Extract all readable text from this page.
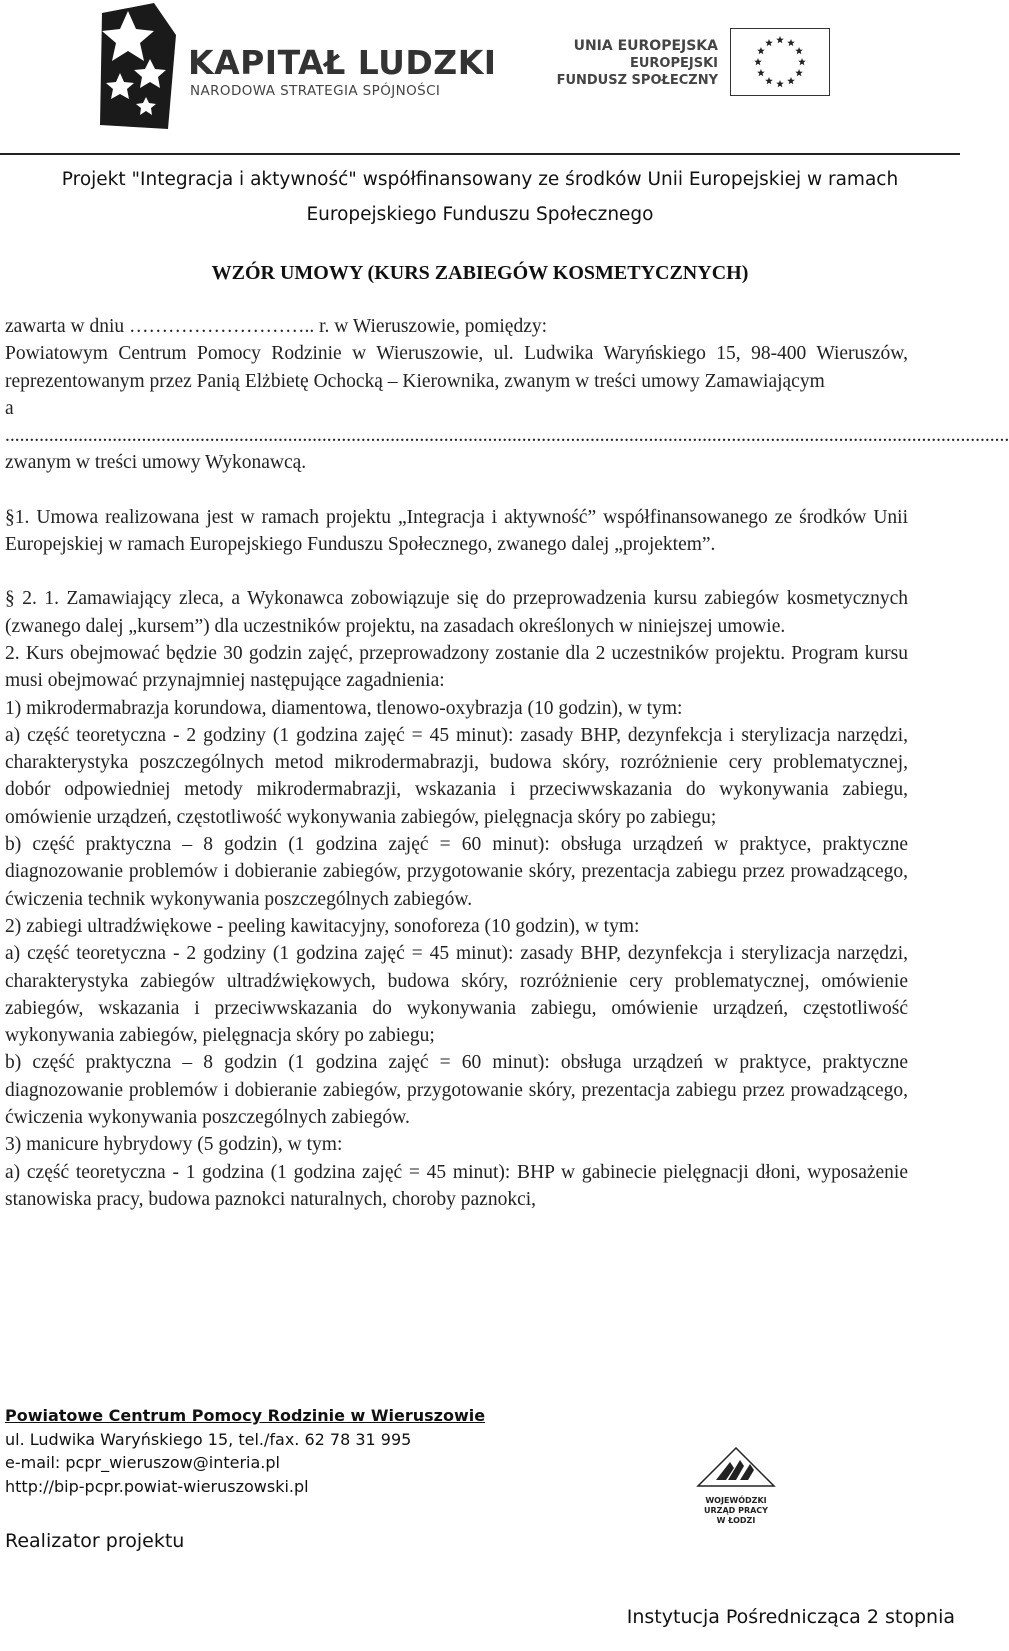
KAPITAŁ LUDZKI
NARODOWA STRATEGIA SPÓJNOŚCI
UNIA EUROPEJSKA
EUROPEJSKI
FUNDUSZ SPOŁECZNY
Projekt "Integracja i aktywność" współfinansowany ze środków Unii Europejskiej w ramach
Europejskiego Funduszu Społecznego
WZÓR UMOWY (KURS ZABIEGÓW KOSMETYCZNYCH)

zawarta w dniu ……………………….. r. w Wieruszowie, pomiędzy:

Powiatowym Centrum Pomocy Rodzinie w Wieruszowie, ul. Ludwika Waryńskiego 15, 98-400 Wieruszów, reprezentowanym przez Panią Elżbietę Ochocką – Kierownika, zwanym w treści umowy Zamawiającym

a

..............................................................................................................................................................................................................

zwanym w treści umowy Wykonawcą.

§1. Umowa realizowana jest w ramach projektu „Integracja i aktywność” współfinansowanego ze środków Unii Europejskiej w ramach Europejskiego Funduszu Społecznego, zwanego dalej „projektem”.

§ 2. 1. Zamawiający zleca, a Wykonawca zobowiązuje się do przeprowadzenia kursu zabiegów kosmetycznych (zwanego dalej „kursem”) dla uczestników projektu, na zasadach określonych w niniejszej umowie.

2. Kurs obejmować będzie 30 godzin zajęć, przeprowadzony zostanie dla 2 uczestników projektu. Program kursu musi obejmować przynajmniej następujące zagadnienia:

1) mikrodermabrazja korundowa, diamentowa, tlenowo-oxybrazja (10 godzin), w tym:

a) część teoretyczna - 2 godziny (1 godzina zajęć = 45 minut): zasady BHP, dezynfekcja i sterylizacja narzędzi, charakterystyka poszczególnych metod mikrodermabrazji, budowa skóry, rozróżnienie cery problematycznej, dobór odpowiedniej metody mikrodermabrazji, wskazania i przeciwwskazania do wykonywania zabiegu, omówienie urządzeń, częstotliwość wykonywania zabiegów, pielęgnacja skóry po zabiegu;

b) część praktyczna – 8 godzin (1 godzina zajęć = 60 minut): obsługa urządzeń w praktyce, praktyczne diagnozowanie problemów i dobieranie zabiegów, przygotowanie skóry, prezentacja zabiegu przez prowadzącego, ćwiczenia technik wykonywania poszczególnych zabiegów.

2) zabiegi ultradźwiękowe - peeling kawitacyjny, sonoforeza (10 godzin), w tym:

a) część teoretyczna - 2 godziny (1 godzina zajęć = 45 minut): zasady BHP, dezynfekcja i sterylizacja narzędzi, charakterystyka zabiegów ultradźwiękowych, budowa skóry, rozróżnienie cery problematycznej, omówienie zabiegów, wskazania i przeciwwskazania do wykonywania zabiegu, omówienie urządzeń, częstotliwość wykonywania zabiegów, pielęgnacja skóry po zabiegu;

b) część praktyczna – 8 godzin (1 godzina zajęć = 60 minut): obsługa urządzeń w praktyce, praktyczne diagnozowanie problemów i dobieranie zabiegów, przygotowanie skóry, prezentacja zabiegu przez prowadzącego, ćwiczenia wykonywania poszczególnych zabiegów.

3) manicure hybrydowy (5 godzin), w tym:

a) część teoretyczna - 1 godzina (1 godzina zajęć = 45 minut): BHP w gabinecie pielęgnacji dłoni, wyposażenie stanowiska pracy, budowa paznokci naturalnych, choroby paznokci,

Powiatowe Centrum Pomocy Rodzinie w Wieruszowie
ul. Ludwika Waryńskiego 15, tel./fax. 62 78 31 995
e-mail: pcpr_wieruszow@interia.pl
http://bip-pcpr.powiat-wieruszowski.pl
Realizator projektu
WOJEWÓDZKI
URZĄD PRACY
W ŁODZI
Instytucja Pośrednicząca 2 stopnia
